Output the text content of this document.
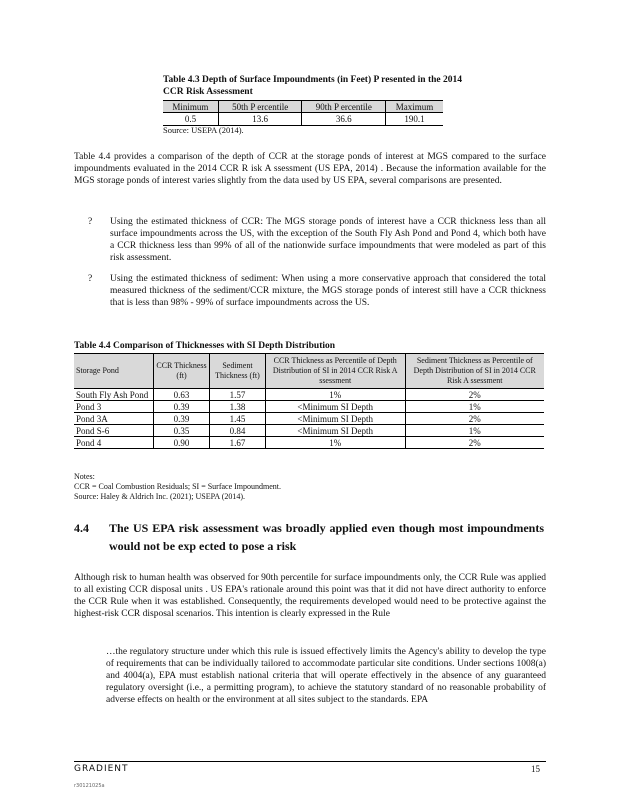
Table 4.3 Depth of Surface Impoundments (in Feet) P resented in the 2014 CCR Risk Assessment
Minimum	50th P ercentile	90th P ercentile	Maximum
0.5	13.6	36.6	190.1
Source: USEPA (2014).
Table 4.4 provides a comparison of the depth of CCR at the storage ponds of interest at MGS compared to the surface impoundments evaluated in the 2014 CCR R isk A ssessment (US EPA, 2014) . Because the information available for the MGS storage ponds of interest varies slightly from the data used by US EPA, several comparisons are presented.
? Using the estimated thickness of CCR: The MGS storage ponds of interest have a CCR thickness less than all surface impoundments across the US, with the exception of the South Fly Ash Pond and Pond 4, which both have a CCR thickness less than 99% of all of the nationwide surface impoundments that were modeled as part of this risk assessment.
? Using the estimated thickness of sediment: When using a more conservative approach that considered the total measured thickness of the sediment/CCR mixture, the MGS storage ponds of interest still have a CCR thickness that is less than 98% - 99% of surface impoundments across the US.
Table 4.4 Comparison of Thicknesses with SI Depth Distribution
Storage Pond	CCR Thickness (ft)	Sediment Thickness (ft)	CCR Thickness as Percentile of Depth Distribution of SI in 2014 CCR Risk A ssessment	Sediment Thickness as Percentile of Depth Distribution of SI in 2014 CCR Risk A ssessment
South Fly Ash Pond	0.63	1.57	1%	2%
Pond 3	0.39	1.38	<Minimum SI Depth	1%
Pond 3A	0.39	1.45	<Minimum SI Depth	2%
Pond S-6	0.35	0.84	<Minimum SI Depth	1%
Pond 4	0.90	1.67	1%	2%
Notes:
CCR = Coal Combustion Residuals; SI = Surface Impoundment.
Source: Haley & Aldrich Inc. (2021); USEPA (2014).
4.4 The US EPA risk assessment was broadly applied even though most impoundments would not be exp ected to pose a risk
Although risk to human health was observed for 90th percentile for surface impoundments only, the CCR Rule was applied to all existing CCR disposal units . US EPA's rationale around this point was that it did not have direct authority to enforce the CCR Rule when it was established. Consequently, the requirements developed would need to be protective against the highest-risk CCR disposal scenarios. This intention is clearly expressed in the Rule
…the regulatory structure under which this rule is issued effectively limits the Agency's ability to develop the type of requirements that can be individually tailored to accommodate particular site conditions. Under sections 1008(a) and 4004(a), EPA must establish national criteria that will operate effectively in the absence of any guaranteed regulatory oversight (i.e., a permitting program), to achieve the statutory standard of no reasonable probability of adverse effects on health or the environment at all sites subject to the standards. EPA
GRADIENT	15
r30121025a
